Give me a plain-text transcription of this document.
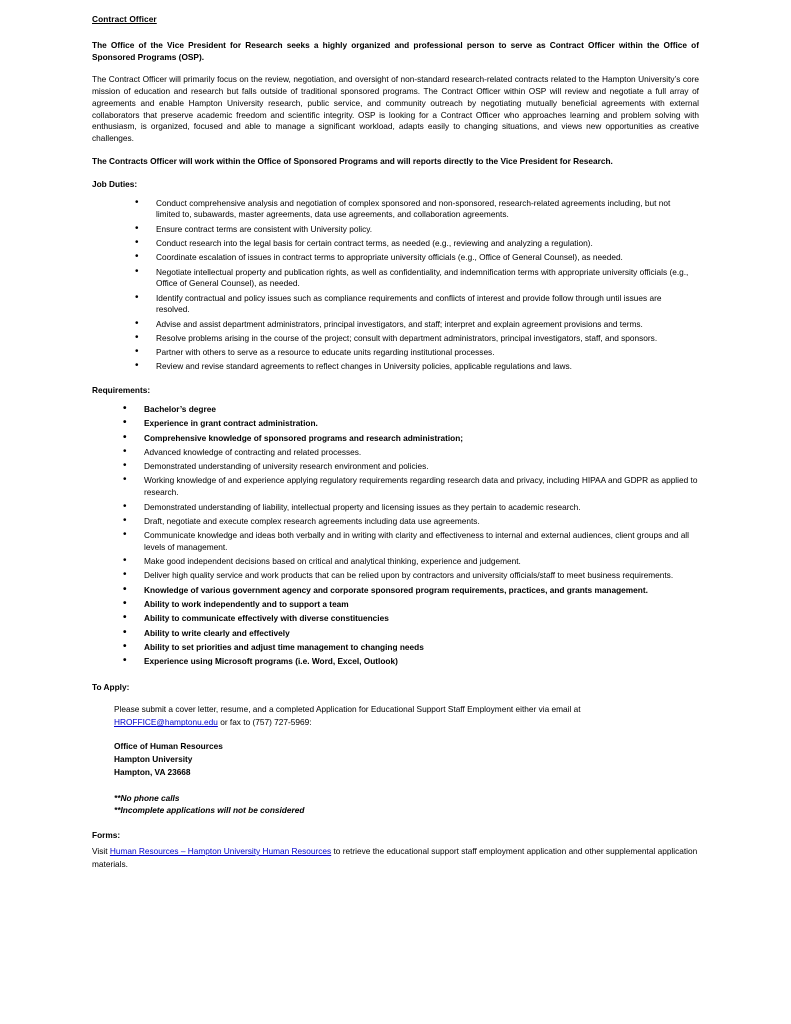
Contract Officer

The Office of the Vice President for Research seeks a highly organized and professional person to serve as Contract Officer within the Office of Sponsored Programs (OSP).

The Contract Officer will primarily focus on the review, negotiation, and oversight of non-standard research-related contracts related to the Hampton University’s core mission of education and research but falls outside of traditional sponsored programs. The Contract Officer within OSP will review and negotiate a full array of agreements and enable Hampton University research, public service, and community outreach by negotiating mutually beneficial agreements with external collaborators that preserve academic freedom and scientific integrity. OSP is looking for a Contract Officer who approaches learning and problem solving with enthusiasm, is organized, focused and able to manage a significant workload, adapts easily to changing situations, and views new opportunities as creative challenges.

The Contracts Officer will work within the Office of Sponsored Programs and will reports directly to the Vice President for Research.

Job Duties:
• Conduct comprehensive analysis and negotiation of complex sponsored and non-sponsored, research-related agreements including, but not limited to, subawards, master agreements, data use agreements, and collaboration agreements.
• Ensure contract terms are consistent with University policy.
• Conduct research into the legal basis for certain contract terms, as needed (e.g., reviewing and analyzing a regulation).
• Coordinate escalation of issues in contract terms to appropriate university officials (e.g., Office of General Counsel), as needed.
• Negotiate intellectual property and publication rights, as well as confidentiality, and indemnification terms with appropriate university officials (e.g., Office of General Counsel), as needed.
• Identify contractual and policy issues such as compliance requirements and conflicts of interest and provide follow through until issues are resolved.
• Advise and assist department administrators, principal investigators, and staff; interpret and explain agreement provisions and terms.
• Resolve problems arising in the course of the project; consult with department administrators, principal investigators, staff, and sponsors.
• Partner with others to serve as a resource to educate units regarding institutional processes.
• Review and revise standard agreements to reflect changes in University policies, applicable regulations and laws.
Requirements:
• Bachelor’s degree
• Experience in grant contract administration.
• Comprehensive knowledge of sponsored programs and research administration;
• Advanced knowledge of contracting and related processes.
• Demonstrated understanding of university research environment and policies.
• Working knowledge of and experience applying regulatory requirements regarding research data and privacy, including HIPAA and GDPR as applied to research.
• Demonstrated understanding of liability, intellectual property and licensing issues as they pertain to academic research.
• Draft, negotiate and execute complex research agreements including data use agreements.
• Communicate knowledge and ideas both verbally and in writing with clarity and effectiveness to internal and external audiences, client groups and all levels of management.
• Make good independent decisions based on critical and analytical thinking, experience and judgement.
• Deliver high quality service and work products that can be relied upon by contractors and university officials/staff to meet business requirements.
• Knowledge of various government agency and corporate sponsored program requirements, practices, and grants management.
• Ability to work independently and to support a team
• Ability to communicate effectively with diverse constituencies
• Ability to write clearly and effectively
• Ability to set priorities and adjust time management to changing needs
• Experience using Microsoft programs (i.e. Word, Excel, Outlook)
To Apply:
Please submit a cover letter, resume, and a completed Application for Educational Support Staff Employment either via email at
HROFFICE@hamptonu.edu or fax to (757) 727-5969:
Office of Human Resources
Hampton University
Hampton, VA 23668
**No phone calls
**Incomplete applications will not be considered
Forms:

Visit Human Resources – Hampton University Human Resources to retrieve the educational support staff employment application and other supplemental application materials.
